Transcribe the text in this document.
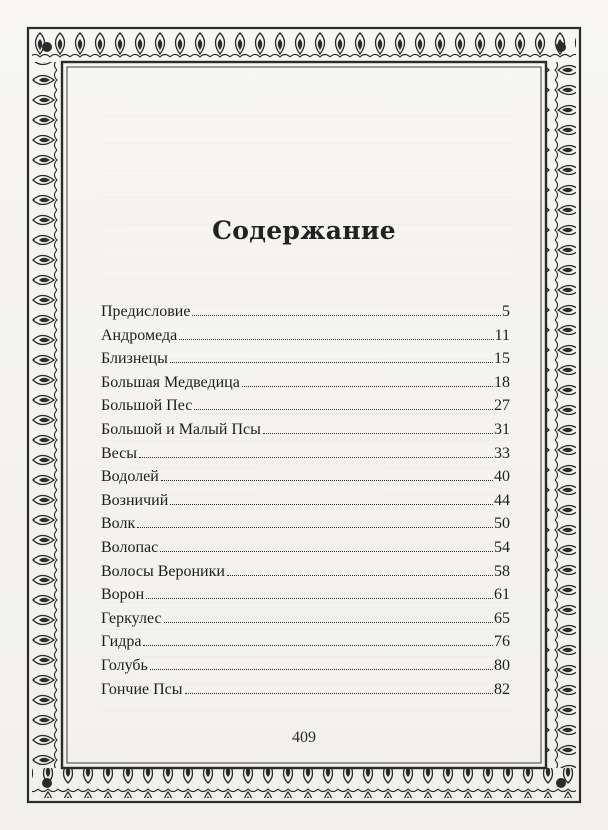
Содержание
Предисловие	5
Андромеда	11
Близнецы	15
Большая Медведица	18
Большой Пес	27
Большой и Малый Псы	31
Весы	33
Водолей	40
Возничий	44
Волк	50
Волопас	54
Волосы Вероники	58
Ворон	61
Геркулес	65
Гидра	76
Голубь	80
Гончие Псы	82
409
